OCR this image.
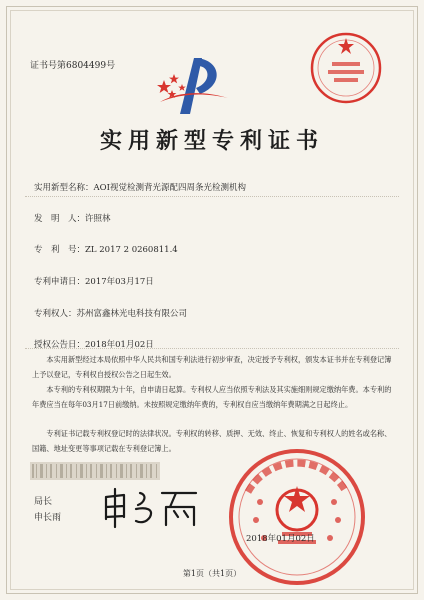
证书号第6804499号
实用新型专利证书
实用新型名称：AOI视觉检测背光源配四周条光检测机构
发　明　人：许照林
专　利　号：ZL 2017 2 0260811.4
专利申请日：2017年03月17日
专利权人：苏州富鑫林光电科技有限公司
授权公告日：2018年01月02日
本实用新型经过本局依照中华人民共和国专利法进行初步审查，决定授予专利权，颁发本证书并在专利登记簿上予以登记，专利权自授权公告之日起生效。
本专利的专利权期限为十年，自申请日起算。专利权人应当依照专利法及其实施细则规定缴纳年费。本专利的年费应当在每年03月17日前缴纳。未按照规定缴纳年费的，专利权自应当缴纳年费期满之日起终止。
专利证书记载专利权登记时的法律状况。专利权的转移、质押、无效、终止、恢复和专利权人的姓名或名称、国籍、地址变更等事项记载在专利登记簿上。
局长
申长雨
2018年01月02日
第1页（共1页）
